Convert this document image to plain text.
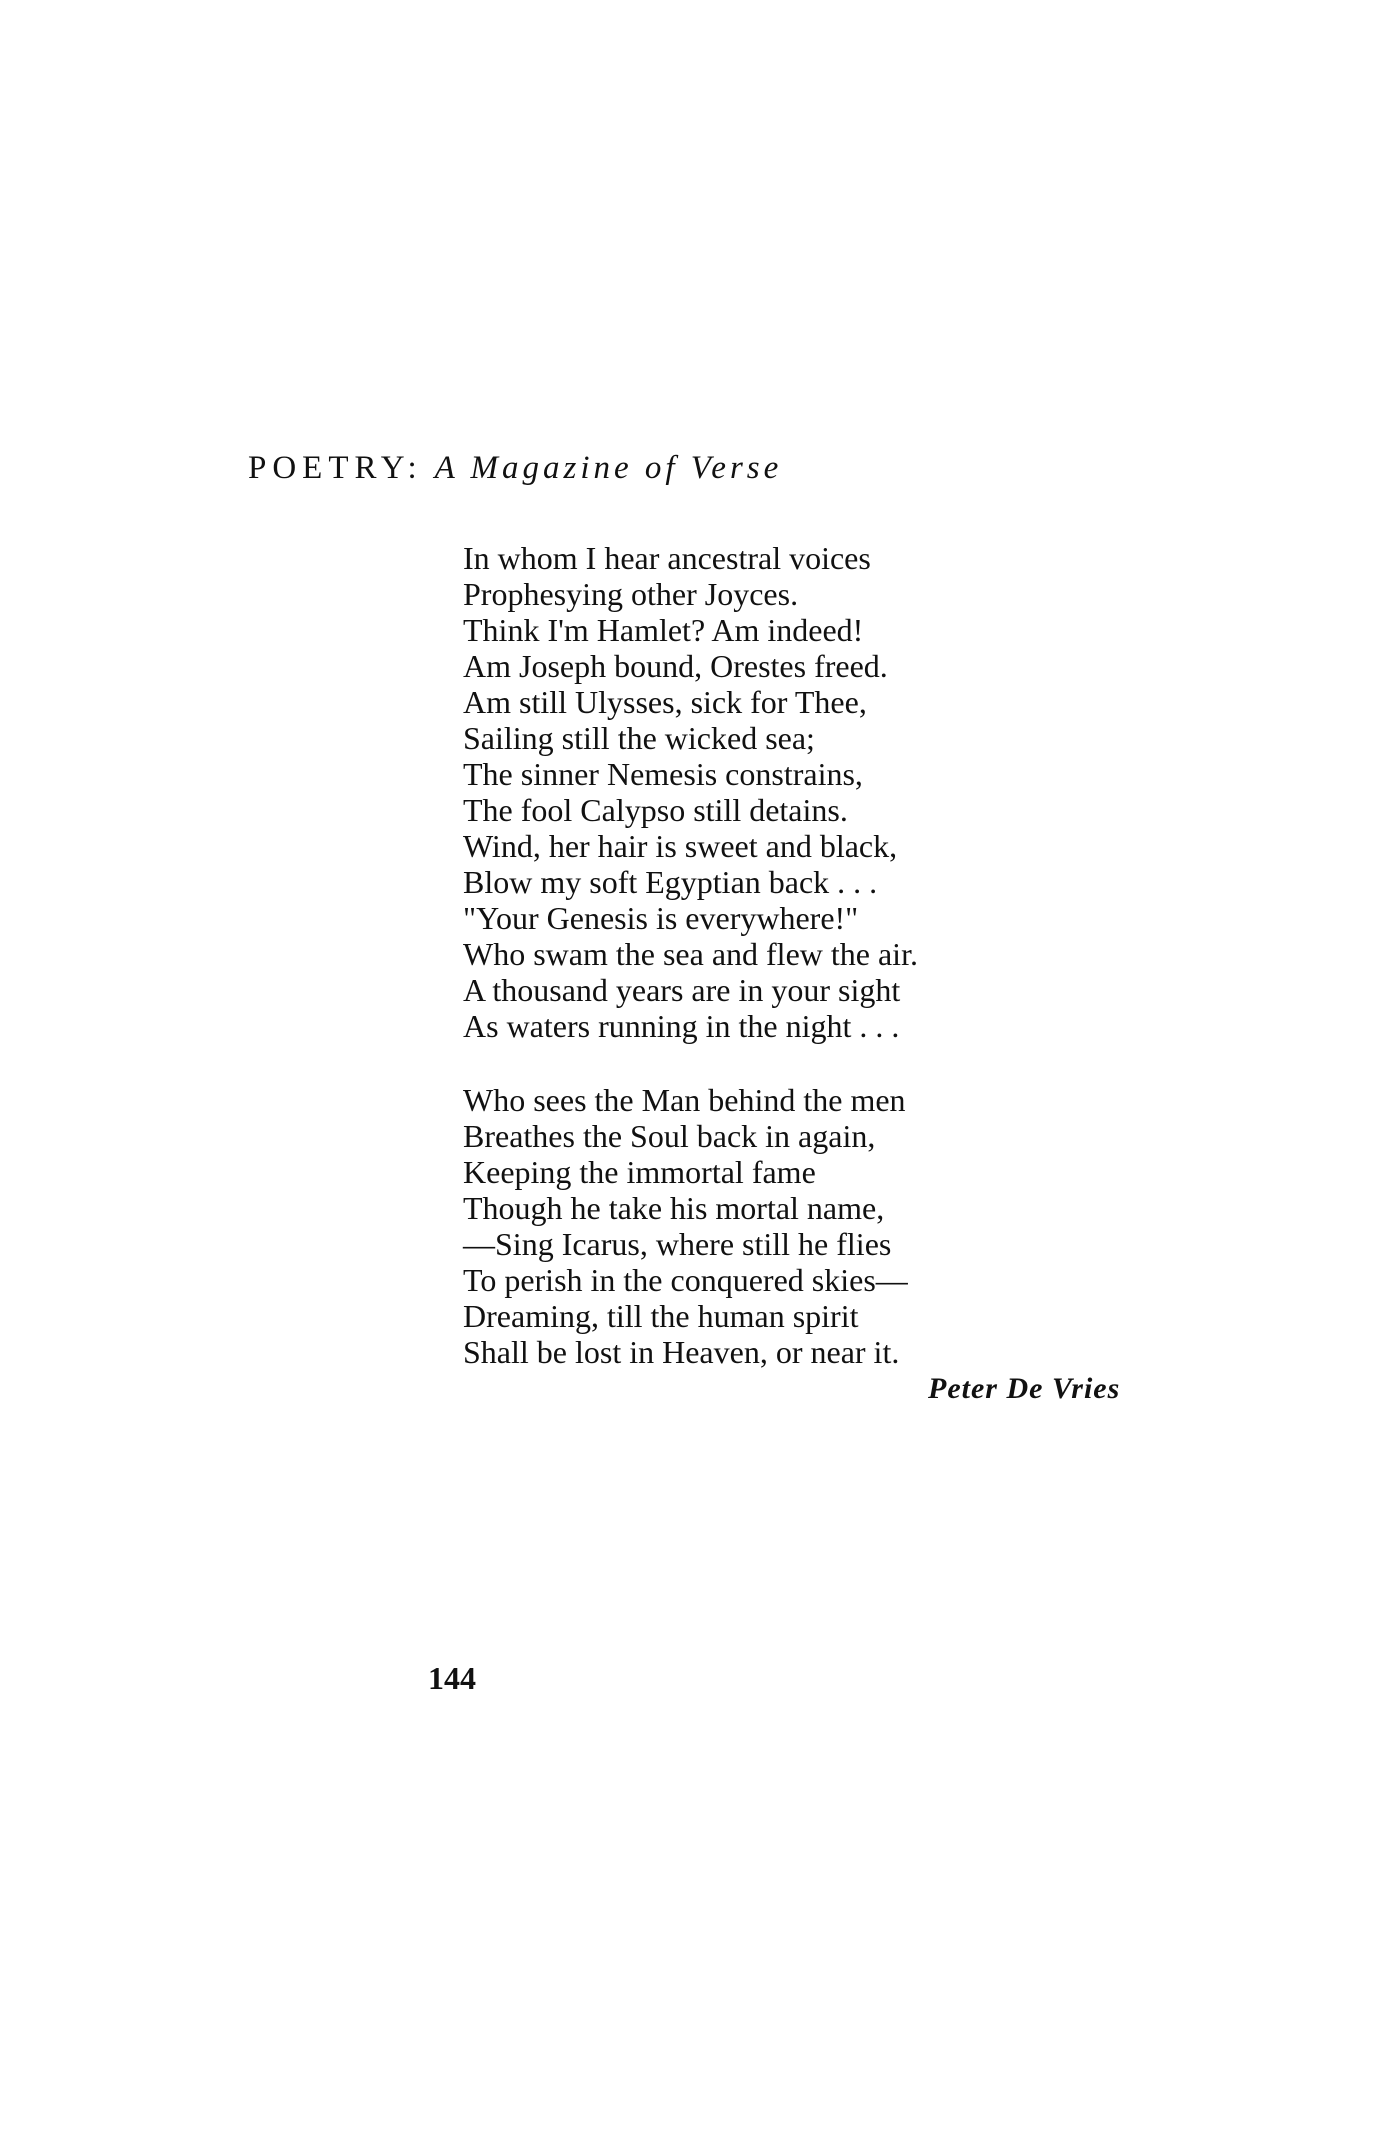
POETRY: A Magazine of Verse
In whom I hear ancestral voices
Prophesying other Joyces.
Think I'm Hamlet? Am indeed!
Am Joseph bound, Orestes freed.
Am still Ulysses, sick for Thee,
Sailing still the wicked sea;
The sinner Nemesis constrains,
The fool Calypso still detains.
Wind, her hair is sweet and black,
Blow my soft Egyptian back . . .
"Your Genesis is everywhere!"
Who swam the sea and flew the air.
A thousand years are in your sight
As waters running in the night . . .
Who sees the Man behind the men
Breathes the Soul back in again,
Keeping the immortal fame
Though he take his mortal name,
—Sing Icarus, where still he flies
To perish in the conquered skies—
Dreaming, till the human spirit
Shall be lost in Heaven, or near it.
Peter De Vries
144
